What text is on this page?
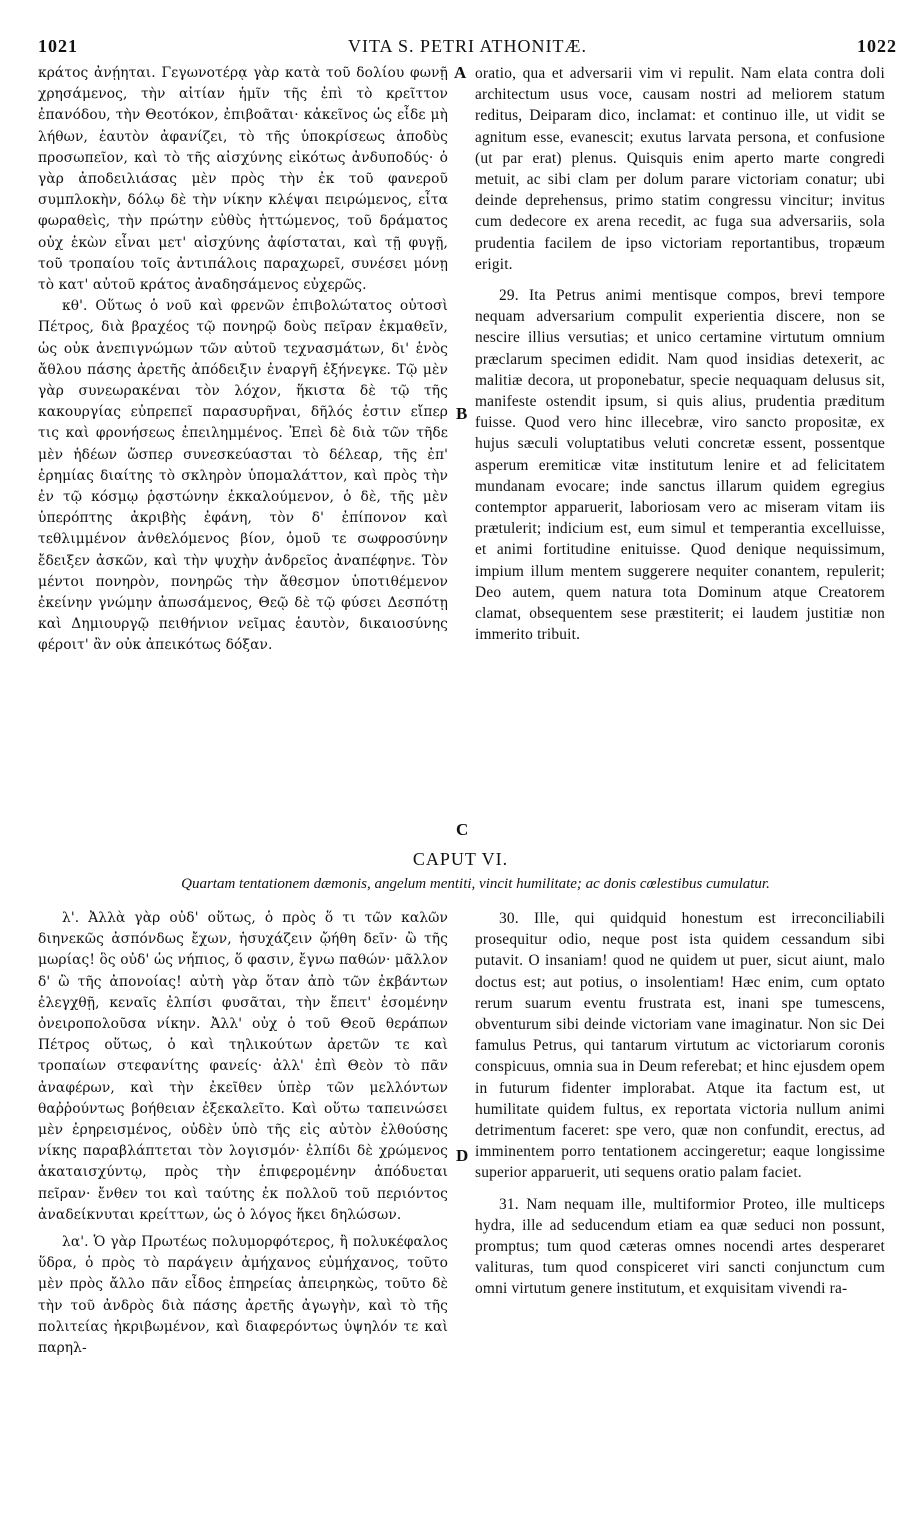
1021	VITA S. PETRI ATHONITÆ.	1022

κράτος ἀνῄηται. Γεγωνοτέρᾳ γὰρ κατὰ τοῦ δολίου φωνῇ χρησάμενος, τὴν αἰτίαν ἡμῖν τῆς ἐπὶ τὸ κρεῖττον ἐπανόδου, τὴν Θεοτόκον, ἐπιβοᾶται· κἀκεῖνος ὡς εἶδε μὴ λήθων, ἑαυτὸν ἀφανίζει, τὸ τῆς ὑποκρίσεως ἀποδὺς προσωπεῖον, καὶ τὸ τῆς αἰσχύνης εἰκότως ἀνδυποδύς· ὁ γὰρ ἀποδειλιάσας μὲν πρὸς τὴν ἐκ τοῦ φανεροῦ συμπλοκὴν, δόλῳ δὲ τὴν νίκην κλέψαι πειρώμενος, εἶτα φωραθεὶς, τὴν πρώτην εὐθὺς ἡττώμενος, τοῦ δράματος οὐχ ἑκὼν εἶναι μετ' αἰσχύνης ἀφίσταται, καὶ τῇ φυγῇ, τοῦ τροπαίου τοῖς ἀντιπάλοις παραχωρεῖ, συνέσει μόνῃ τὸ κατ' αὐτοῦ κράτος ἀναδησάμενος εὐχερῶς.

κθ'. Οὕτως ὁ νοῦ καὶ φρενῶν ἐπιβολώτατος οὑτοσὶ Πέτρος, διὰ βραχέος τῷ πονηρῷ δοὺς πεῖραν ἐκμαθεῖν, ὡς οὐκ ἀνεπιγνώμων τῶν αὐτοῦ τεχνασμάτων, δι' ἑνὸς ἄθλου πάσης ἀρετῆς ἀπόδειξιν ἐναργῆ ἐξήνεγκε. Τῷ μὲν γὰρ συνεωρακέναι τὸν λόχον, ἥκιστα δὲ τῷ τῆς κακουργίας εὐπρεπεῖ παρασυρῆναι, δῆλός ἐστιν εἴπερ τις καὶ φρονήσεως ἐπειλημμένος. Ἐπεὶ δὲ διὰ τῶν τῆδε μὲν ἡδέων ὥσπερ συνεσκεύασται τὸ δέλεαρ, τῆς ἐπ' ἐρημίας διαίτης τὸ σκληρὸν ὑπομαλάττον, καὶ πρὸς τὴν ἐν τῷ κόσμῳ ῥᾳστώνην ἐκκαλούμενον, ὁ δὲ, τῆς μὲν ὑπερόπτης ἀκριβὴς ἐφάνη, τὸν δ' ἐπίπονον καὶ τεθλιμμένον ἀνθελόμενος βίον, ὁμοῦ τε σωφροσύνην ἔδειξεν ἀσκῶν, καὶ τὴν ψυχὴν ἀνδρεῖος ἀναπέφηνε. Τὸν μέντοι πονηρὸν, πονηρῶς τὴν ἄθεσμον ὑποτιθέμενον ἐκείνην γνώμην ἀπωσάμενος, Θεῷ δὲ τῷ φύσει Δεσπότῃ καὶ Δημιουργῷ πειθήνιον νεῖμας ἑαυτὸν, δικαιοσύνης φέροιτ' ἂν οὐκ ἀπεικότως δόξαν.

oratio, qua et adversarii vim vi repulit. Nam elata contra doli architectum usus voce, causam nostri ad meliorem statum reditus, Deiparam dico, inclamat: et continuo ille, ut vidit se agnitum esse, evanescit; exutus larvata persona, et confusione (ut par erat) plenus. Quisquis enim aperto marte congredi metuit, ac sibi clam per dolum parare victoriam conatur; ubi deinde deprehensus, primo statim congressu vincitur; invitus cum dedecore ex arena recedit, ac fuga sua adversariis, sola prudentia facilem de ipso victoriam reportantibus, tropæum erigit.

29. Ita Petrus animi mentisque compos, brevi tempore nequam adversarium compulit experientia discere, non se nescire illius versutias; et unico certamine virtutum omnium præclarum specimen edidit. Nam quod insidias detexerit, ac malitiæ decora, ut proponebatur, specie nequaquam delusus sit, manifeste ostendit ipsum, si quis alius, prudentia præditum fuisse. Quod vero hinc illecebræ, viro sancto propositæ, ex hujus sæculi voluptatibus veluti concretæ essent, possentque asperum eremiticæ vitæ institutum lenire et ad felicitatem mundanam evocare; inde sanctus illarum quidem egregius contemptor apparuerit, laboriosam vero ac miseram vitam iis prætulerit; indicium est, eum simul et temperantia excelluisse, et animi fortitudine enituisse. Quod denique nequissimum, impium illum mentem suggerere nequiter conantem, repulerit; Deo autem, quem natura tota Dominum atque Creatorem clamat, obsequentem sese præstiterit; ei laudem justitiæ non immerito tribuit.

A
B
C
CAPUT VI.
Quartam tentationem dæmonis, angelum mentiti, vincit humilitate; ac donis cœlestibus cumulatur.

λ'. Ἀλλὰ γὰρ οὐδ' οὕτως, ὁ πρὸς ὅ τι τῶν καλῶν διηνεκῶς ἀσπόνδως ἔχων, ἡσυχάζειν ᾤήθη δεῖν· ὢ τῆς μωρίας! ὃς οὐδ' ὡς νήπιος, ὅ φασιν, ἔγνω παθών· μᾶλλον δ' ὢ τῆς ἀπονοίας! αὐτὴ γὰρ ὅταν ἀπὸ τῶν ἐκβάντων ἐλεγχθῇ, κεναῖς ἐλπίσι φυσᾶται, τὴν ἔπειτ' ἐσομένην ὀνειροπολοῦσα νίκην. Ἀλλ' οὐχ ὁ τοῦ Θεοῦ θεράπων Πέτρος οὕτως, ὁ καὶ τηλικούτων ἀρετῶν τε καὶ τροπαίων στεφανίτης φανείς· ἀλλ' ἐπὶ Θεὸν τὸ πᾶν ἀναφέρων, καὶ τὴν ἐκεῖθεν ὑπὲρ τῶν μελλόντων θαῤῥούντως βοήθειαν ἐξεκαλεῖτο. Καὶ οὕτω ταπεινώσει μὲν ἐρηρεισμένος, οὐδὲν ὑπὸ τῆς εἰς αὐτὸν ἐλθούσης νίκης παραβλάπτεται τὸν λογισμόν· ἐλπίδι δὲ χρώμενος ἀκαταισχύντῳ, πρὸς τὴν ἐπιφερομένην ἀπόδυεται πεῖραν· ἔνθεν τοι καὶ ταύτης ἐκ πολλοῦ τοῦ περιόντος ἀναδείκνυται κρείττων, ὡς ὁ λόγος ἥκει δηλώσων.

λα'. Ὁ γὰρ Πρωτέως πολυμορφότερος, ἢ πολυκέφαλος ὕδρα, ὁ πρὸς τὸ παράγειν ἀμήχανος εὐμήχανος, τοῦτο μὲν πρὸς ἄλλο πᾶν εἶδος ἐπηρείας ἀπειρηκὼς, τοῦτο δὲ τὴν τοῦ ἀνδρὸς διὰ πάσης ἀρετῆς ἀγωγὴν, καὶ τὸ τῆς πολιτείας ἠκριβωμένον, καὶ διαφερόντως ὑψηλόν τε καὶ παρηλ-

30. Ille, qui quidquid honestum est irreconciliabili prosequitur odio, neque post ista quidem cessandum sibi putavit. O insaniam! quod ne quidem ut puer, sicut aiunt, malo doctus est; aut potius, o insolentiam! Hæc enim, cum optato rerum suarum eventu frustrata est, inani spe tumescens, obventurum sibi deinde victoriam vane imaginatur. Non sic Dei famulus Petrus, qui tantarum virtutum ac victoriarum coronis conspicuus, omnia sua in Deum referebat; et hinc ejusdem opem in futurum fidenter implorabat. Atque ita factum est, ut humilitate quidem fultus, ex reportata victoria nullum animi detrimentum faceret: spe vero, quæ non confundit, erectus, ad imminentem porro tentationem accingeretur; eaque longissime superior apparuerit, uti sequens oratio palam faciet.

31. Nam nequam ille, multiformior Proteo, ille multiceps hydra, ille ad seducendum etiam ea quæ seduci non possunt, promptus; tum quod cæteras omnes nocendi artes desperaret valituras, tum quod conspiceret viri sancti conjunctum cum omni virtutum genere institutum, et exquisitam vivendi ra-

D
